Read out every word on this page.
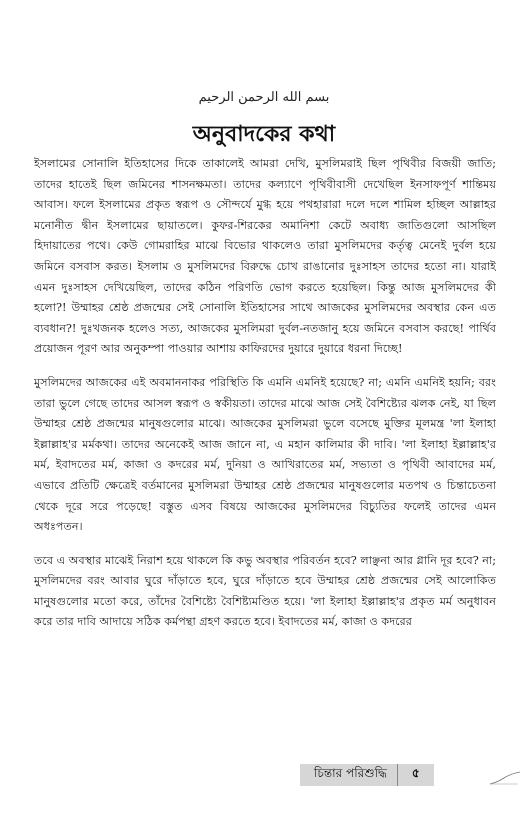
بسم الله الرحمن الرحيم
অনুবাদকের কথা

ইসলামের সোনালি ইতিহাসের দিকে তাকালেই আমরা দেখি, মুসলিমরাই ছিল পৃথিবীর বিজয়ী জাতি; তাদের হাতেই ছিল জমিনের শাসনক্ষমতা। তাদের কল্যাণে পৃথিবীবাসী দেখেছিল ইনসাফপূর্ণ শান্তিময় আবাস। ফলে ইসলামের প্রকৃত স্বরূপ ও সৌন্দর্যে মুগ্ধ হয়ে পথহারারা দলে দলে শামিল হচ্ছিল আল্লাহর মনোনীত দ্বীন ইসলামের ছায়াতলে। কুফর-শিরকের অমানিশা কেটে অবাধ্য জাতিগুলো আসছিল হিদায়াতের পথে। কেউ গোমরাহির মাঝে বিভোর থাকলেও তারা মুসলিমদের কর্তৃত্ব মেনেই দুর্বল হয়ে জমিনে বসবাস করত। ইসলাম ও মুসলিমদের বিরুদ্ধে চোখ রাঙানোর দুঃসাহস তাদের হতো না। যারাই এমন দুঃসাহস দেখিয়েছিল, তাদের কঠিন পরিণতি ভোগ করতে হয়েছিল। কিন্তু আজ মুসলিমদের কী হলো?! উম্মাহর শ্রেষ্ঠ প্রজন্মের সেই সোনালি ইতিহাসের সাথে আজকের মুসলিমদের অবস্থার কেন এত ব্যবধান?! দুঃখজনক হলেও সত্য, আজকের মুসলিমরা দুর্বল-নতজানু হয়ে জমিনে বসবাস করছে! পার্থিব প্রয়োজন পূরণ আর অনুকম্পা পাওয়ার আশায় কাফিরদের দুয়ারে দুয়ারে ধরনা দিচ্ছে!

মুসলিমদের আজকের এই অবমাননাকর পরিস্থিতি কি এমনি এমনিই হয়েছে? না; এমনি এমনিই হয়নি; বরং তারা ভুলে গেছে তাদের আসল স্বরূপ ও স্বকীয়তা। তাদের মাঝে আজ সেই বৈশিষ্ট্যের ঝলক নেই, যা ছিল উম্মাহর শ্রেষ্ঠ প্রজন্মের মানুষগুলোর মাঝে। আজকের মুসলিমরা ভুলে বসেছে মুক্তির মূলমন্ত্র 'লা ইলাহা ইল্লাল্লাহ'র মর্মকথা। তাদের অনেকেই আজ জানে না, এ মহান কালিমার কী দাবি। 'লা ইলাহা ইল্লাল্লাহ'র মর্ম, ইবাদতের মর্ম, কাজা ও কদরের মর্ম, দুনিয়া ও আখিরাতের মর্ম, সভ্যতা ও পৃথিবী আবাদের মর্ম, এভাবে প্রতিটি ক্ষেত্রেই বর্তমানের মুসলিমরা উম্মাহর শ্রেষ্ঠ প্রজন্মের মানুষগুলোর মতপথ ও চিন্তাচেতনা থেকে দূরে সরে পড়েছে! বস্তুত এসব বিষয়ে আজকের মুসলিমদের বিচ্যুতির ফলেই তাদের এমন অধঃপতন।

তবে এ অবস্থার মাঝেই নিরাশ হয়ে থাকলে কি কভু অবস্থার পরিবর্তন হবে? লাঞ্ছনা আর গ্লানি দূর হবে? না; মুসলিমদের বরং আবার ঘুরে দাঁড়াতে হবে, ঘুরে দাঁড়াতে হবে উম্মাহর শ্রেষ্ঠ প্রজন্মের সেই আলোকিত মানুষগুলোর মতো করে, তাঁদের বৈশিষ্ট্যে বৈশিষ্ট্যমণ্ডিত হয়ে। 'লা ইলাহা ইল্লাল্লাহ'র প্রকৃত মর্ম অনুধাবন করে তার দাবি আদায়ে সঠিক কর্মপন্থা গ্রহণ করতে হবে। ইবাদতের মর্ম, কাজা ও কদরের

চিন্তার পরিশুদ্ধি	৫
